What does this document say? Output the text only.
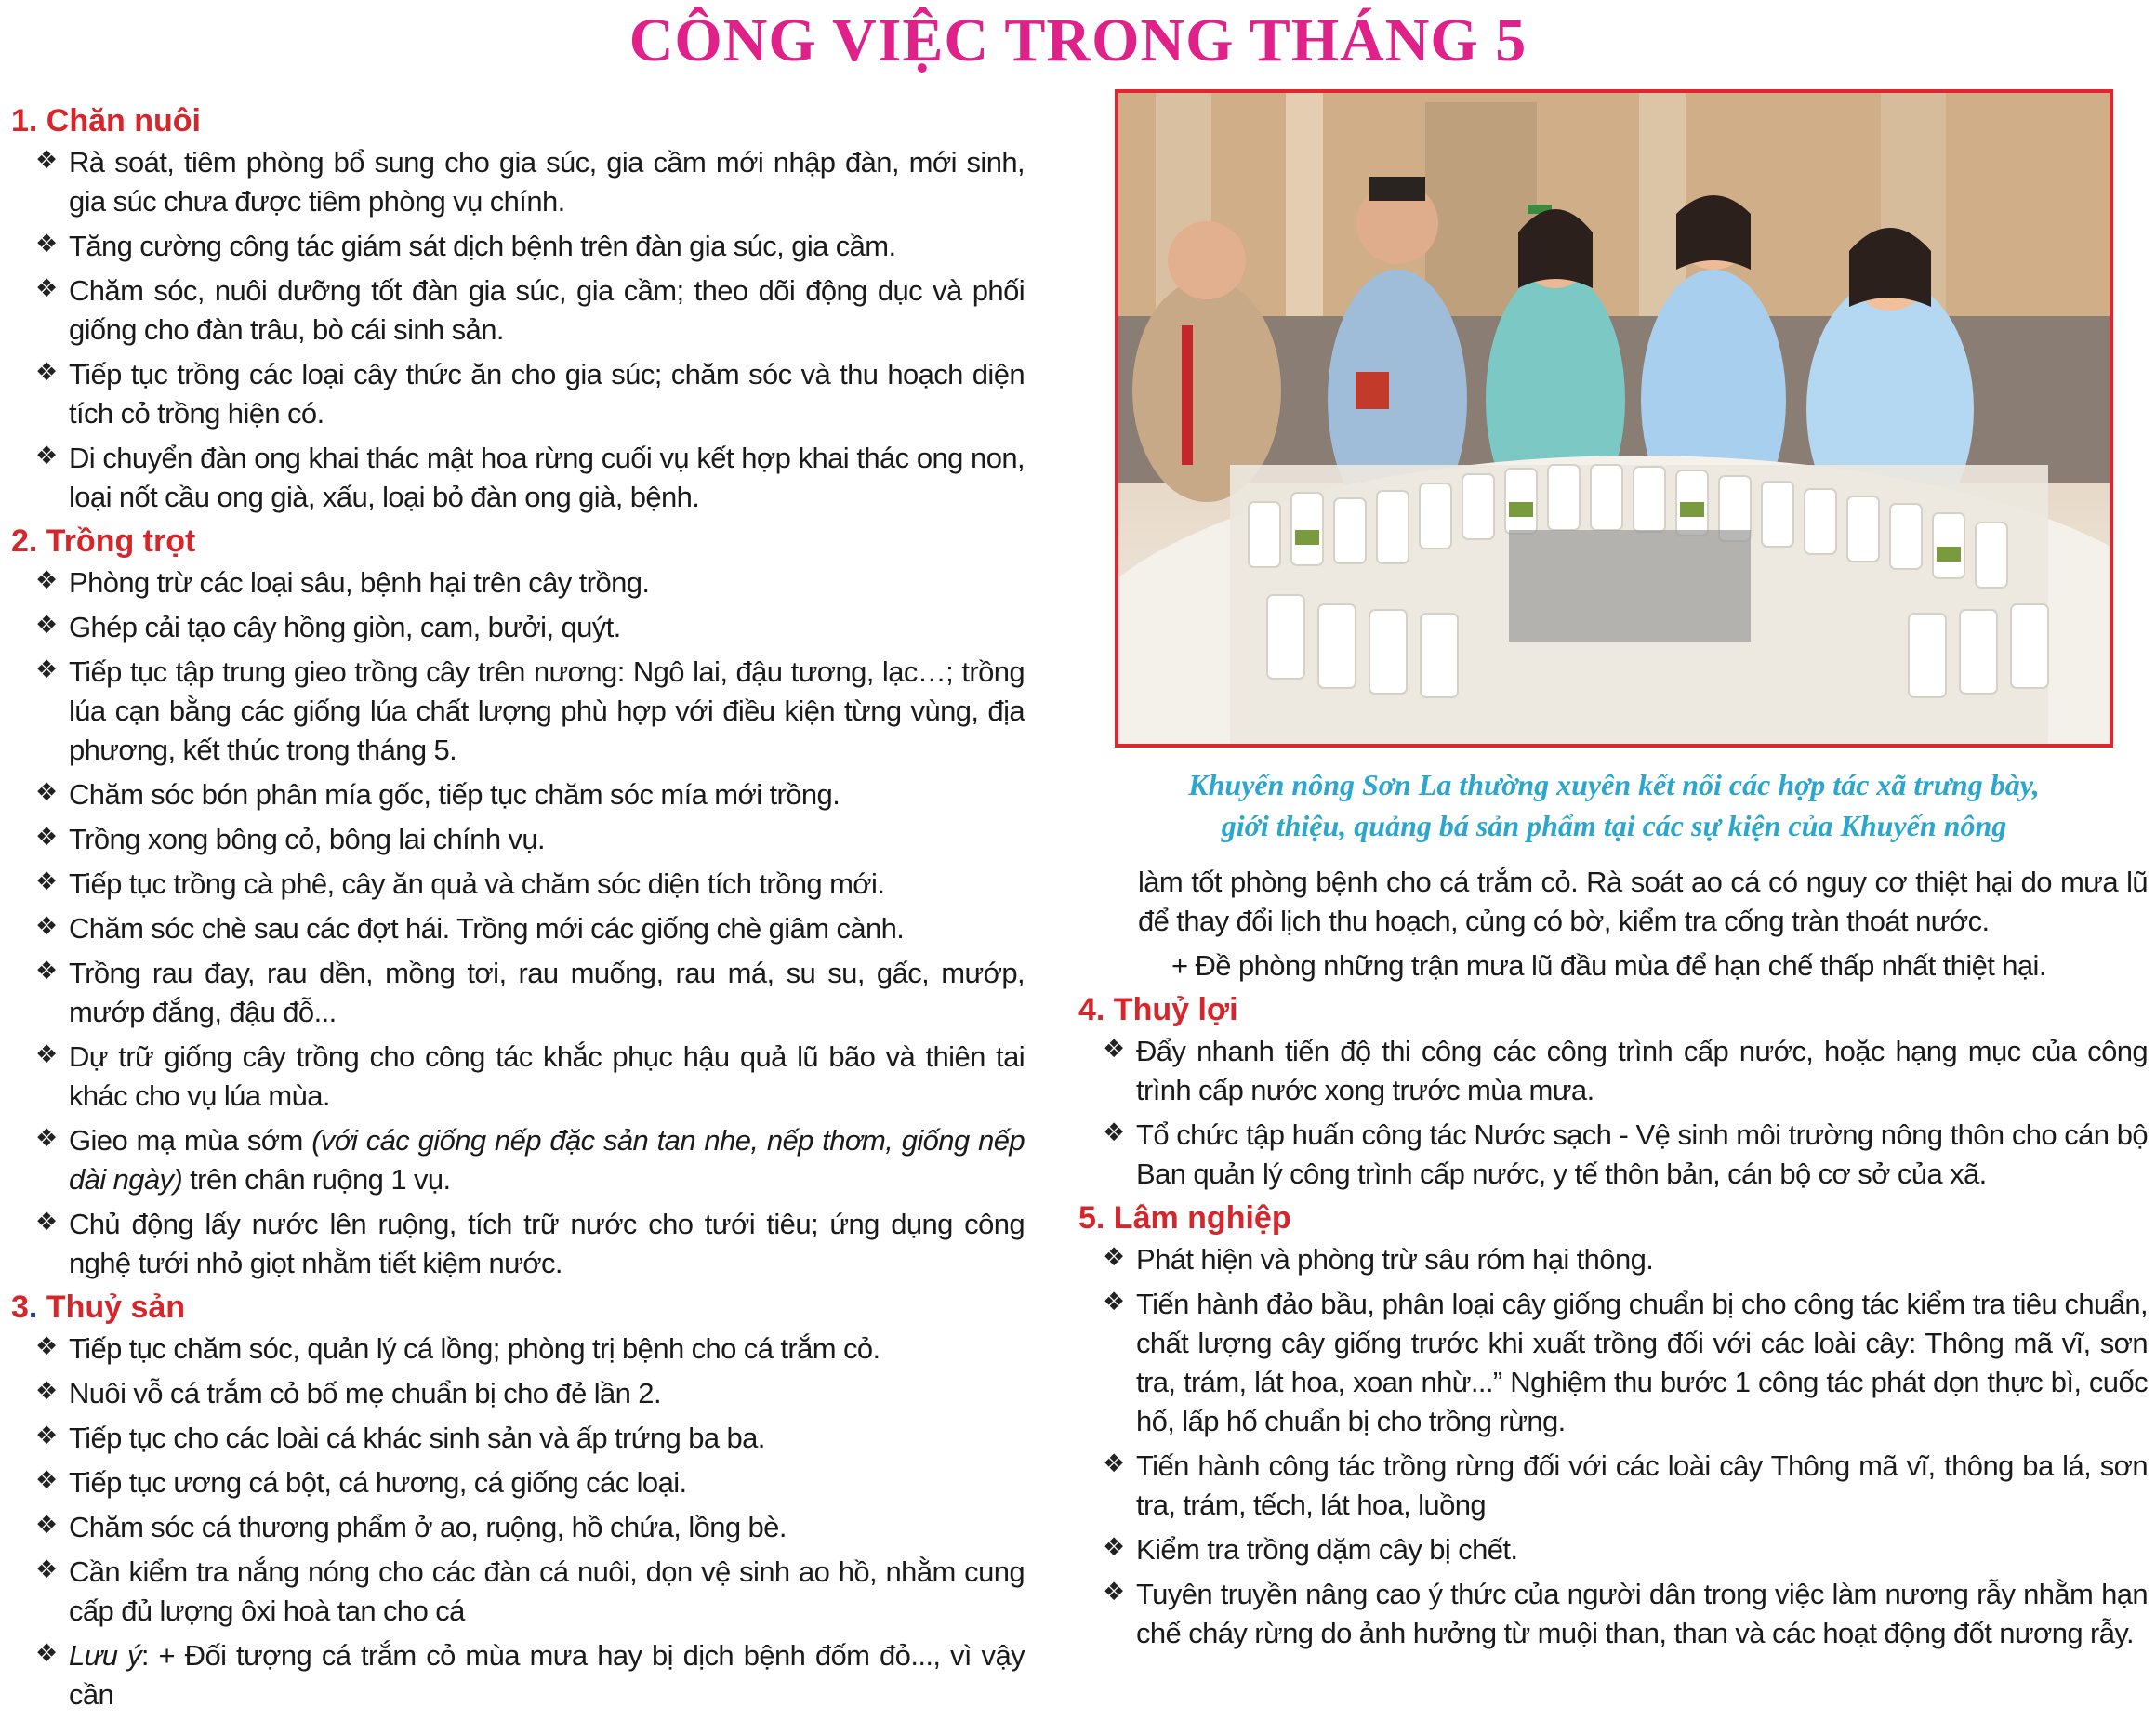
CÔNG VIỆC TRONG THÁNG 5
1. Chăn nuôi
❖ Rà soát, tiêm phòng bổ sung cho gia súc, gia cầm mới nhập đàn, mới sinh, gia súc chưa được tiêm phòng vụ chính.
❖ Tăng cường công tác giám sát dịch bệnh trên đàn gia súc, gia cầm.
❖ Chăm sóc, nuôi dưỡng tốt đàn gia súc, gia cầm; theo dõi động dục và phối giống cho đàn trâu, bò cái sinh sản.
❖ Tiếp tục trồng các loại cây thức ăn cho gia súc; chăm sóc và thu hoạch diện tích cỏ trồng hiện có.
❖ Di chuyển đàn ong khai thác mật hoa rừng cuối vụ kết hợp khai thác ong non, loại nốt cầu ong già, xấu, loại bỏ đàn ong già, bệnh.
2. Trồng trọt
❖ Phòng trừ các loại sâu, bệnh hại trên cây trồng.
❖ Ghép cải tạo cây hồng giòn, cam, bưởi, quýt.
❖ Tiếp tục tập trung gieo trồng cây trên nương: Ngô lai, đậu tương, lạc…; trồng lúa cạn bằng các giống lúa chất lượng phù hợp với điều kiện từng vùng, địa phương, kết thúc trong tháng 5.
❖ Chăm sóc bón phân mía gốc, tiếp tục chăm sóc mía mới trồng.
❖ Trồng xong bông cỏ, bông lai chính vụ.
❖ Tiếp tục trồng cà phê, cây ăn quả và chăm sóc diện tích trồng mới.
❖ Chăm sóc chè sau các đợt hái. Trồng mới các giống chè giâm cành.
❖ Trồng rau đay, rau dền, mồng tơi, rau muống, rau má, su su, gấc, mướp, mướp đắng, đậu đỗ...
❖ Dự trữ giống cây trồng cho công tác khắc phục hậu quả lũ bão và thiên tai khác cho vụ lúa mùa.
❖ Gieo mạ mùa sớm (với các giống nếp đặc sản tan nhe, nếp thơm, giống nếp dài ngày) trên chân ruộng 1 vụ.
❖ Chủ động lấy nước lên ruộng, tích trữ nước cho tưới tiêu; ứng dụng công nghệ tưới nhỏ giọt nhằm tiết kiệm nước.
3. Thuỷ sản
❖ Tiếp tục chăm sóc, quản lý cá lồng; phòng trị bệnh cho cá trắm cỏ.
❖ Nuôi vỗ cá trắm cỏ bố mẹ chuẩn bị cho đẻ lần 2.
❖ Tiếp tục cho các loài cá khác sinh sản và ấp trứng ba ba.
❖ Tiếp tục ương cá bột, cá hương, cá giống các loại.
❖ Chăm sóc cá thương phẩm ở ao, ruộng, hồ chứa, lồng bè.
❖ Cần kiểm tra nắng nóng cho các đàn cá nuôi, dọn vệ sinh ao hồ, nhằm cung cấp đủ lượng ôxi hoà tan cho cá
❖ Lưu ý: + Đối tượng cá trắm cỏ mùa mưa hay bị dịch bệnh đốm đỏ..., vì vậy cần
Khuyến nông Sơn La thường xuyên kết nối các hợp tác xã trưng bày,
giới thiệu, quảng bá sản phẩm tại các sự kiện của Khuyến nông
làm tốt phòng bệnh cho cá trắm cỏ. Rà soát ao cá có nguy cơ thiệt hại do mưa lũ để thay đổi lịch thu hoạch, củng có bờ, kiểm tra cống tràn thoát nước.
+ Đề phòng những trận mưa lũ đầu mùa để hạn chế thấp nhất thiệt hại.
4. Thuỷ lợi
❖ Đẩy nhanh tiến độ thi công các công trình cấp nước, hoặc hạng mục của công trình cấp nước xong trước mùa mưa.
❖ Tổ chức tập huấn công tác Nước sạch - Vệ sinh môi trường nông thôn cho cán bộ Ban quản lý công trình cấp nước, y tế thôn bản, cán bộ cơ sở của xã.
5. Lâm nghiệp
❖ Phát hiện và phòng trừ sâu róm hại thông.
❖ Tiến hành đảo bầu, phân loại cây giống chuẩn bị cho công tác kiểm tra tiêu chuẩn, chất lượng cây giống trước khi xuất trồng đối với các loài cây: Thông mã vĩ, sơn tra, trám, lát hoa, xoan nhừ...” Nghiệm thu bước 1 công tác phát dọn thực bì, cuốc hố, lấp hố chuẩn bị cho trồng rừng.
❖ Tiến hành công tác trồng rừng đối với các loài cây Thông mã vĩ, thông ba lá, sơn tra, trám, tếch, lát hoa, luồng
❖ Kiểm tra trồng dặm cây bị chết.
❖ Tuyên truyền nâng cao ý thức của người dân trong việc làm nương rẫy nhằm hạn chế cháy rừng do ảnh hưởng từ muội than, than và các hoạt động đốt nương rẫy.
